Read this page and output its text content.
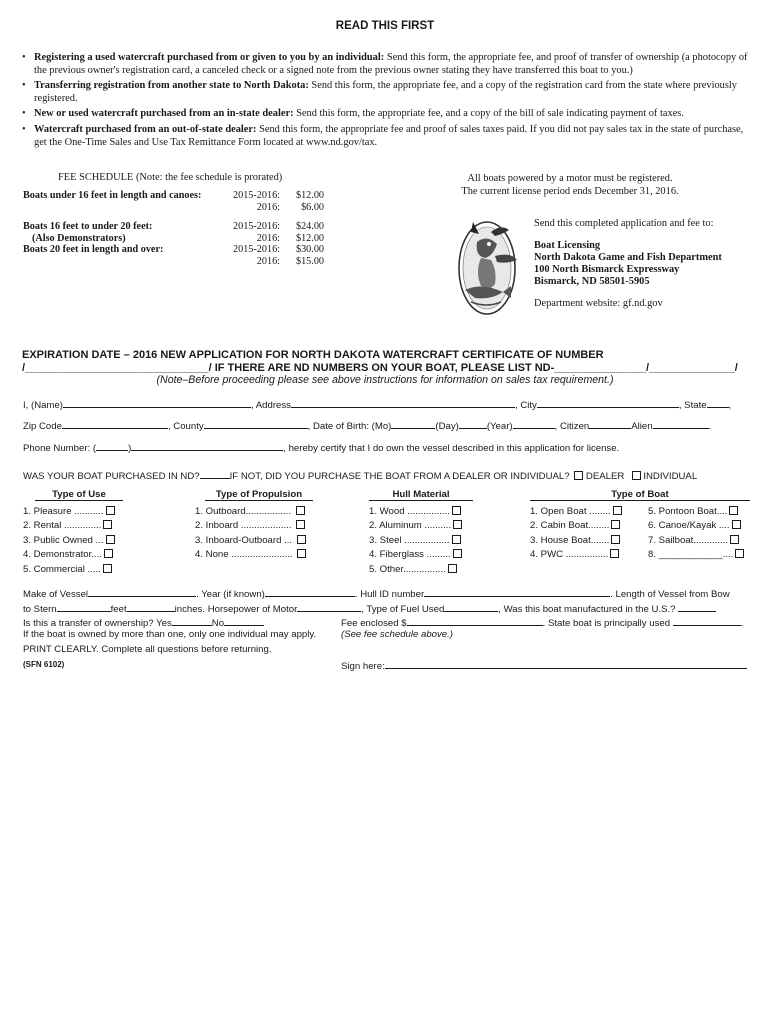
READ THIS FIRST
• Registering a used watercraft purchased from or given to you by an individual: Send this form, the appropriate fee, and proof of transfer of ownership (a photocopy of the previous owner's registration card, a canceled check or a signed note from the previous owner stating they have transferred this boat to you.)
• Transferring registration from another state to North Dakota: Send this form, the appropriate fee, and a copy of the registration card from the state where previously registered.
• New or used watercraft purchased from an in-state dealer: Send this form, the appropriate fee, and a copy of the bill of sale indicating payment of taxes.
• Watercraft purchased from an out-of-state dealer: Send this form, the appropriate fee and proof of sales taxes paid. If you did not pay sales tax in the state of purchase, get the One-Time Sales and Use Tax Remittance Form located at www.nd.gov/tax.
FEE SCHEDULE (Note: the fee schedule is prorated)
Boats under 16 feet in length and canoes:	2015-2016:	$12.00
2016:	$6.00
Boats 16 feet to under 20 feet:	2015-2016:	$24.00
(Also Demonstrators)	2016:	$12.00
Boats 20 feet in length and over:	2015-2016:	$30.00
2016:	$15.00
All boats powered by a motor must be registered.
The current license period ends December 31, 2016.
Send this completed application and fee to:
Boat Licensing
North Dakota Game and Fish Department
100 North Bismarck Expressway
Bismarck, ND 58501-5905
Department website: gf.nd.gov
EXPIRATION DATE – 2016 NEW APPLICATION FOR NORTH DAKOTA WATERCRAFT CERTIFICATE OF NUMBER
/______________________________/ IF THERE ARE ND NUMBERS ON YOUR BOAT, PLEASE LIST ND-_______________/______________/
(Note–Before proceeding please see above instructions for information on sales tax requirement.)
I, (Name)	, Address	, City	, State ,
Zip Code	, County	, Date of Birth: (Mo)	(Day)	(Year)	, Citizen	Alien	.
Phone Number: (	)	, hereby certify that I do own the vessel described in this application for license.
WAS YOUR BOAT PURCHASED IN ND?	IF NOT, DID YOU PURCHASE THE BOAT FROM A DEALER OR INDIVIDUAL? DEALER INDIVIDUAL
Type of Use
1. Pleasure ...........
2. Rental ..............
3. Public Owned ...
4. Demonstrator....
5. Commercial .....
Type of Propulsion
1. Outboard.................
2. Inboard ...................
3. Inboard-Outboard ...
4. None .......................
Hull Material
1. Wood ................
2. Aluminum ..........
3. Steel .................
4. Fiberglass .........
5. Other................
Type of Boat
1. Open Boat ........
2. Cabin Boat........
3. House Boat.......
4. PWC ................
5. Pontoon Boat....
6. Canoe/Kayak ....
7. Sailboat.............
8. ____________....
Make of Vessel	. Year (if known)	. Hull ID number	. Length of Vessel from Bow
to Stern	feet	inches. Horsepower of Motor	, Type of Fuel Used	, Was this boat manufactured in the U.S.?
Is this a transfer of ownership? Yes	No	Fee enclosed $	. State boat is principally used	.
If the boat is owned by more than one, only one individual may apply.	(See fee schedule above.)
PRINT CLEARLY. Complete all questions before returning.
(SFN 6102)	Sign here:
